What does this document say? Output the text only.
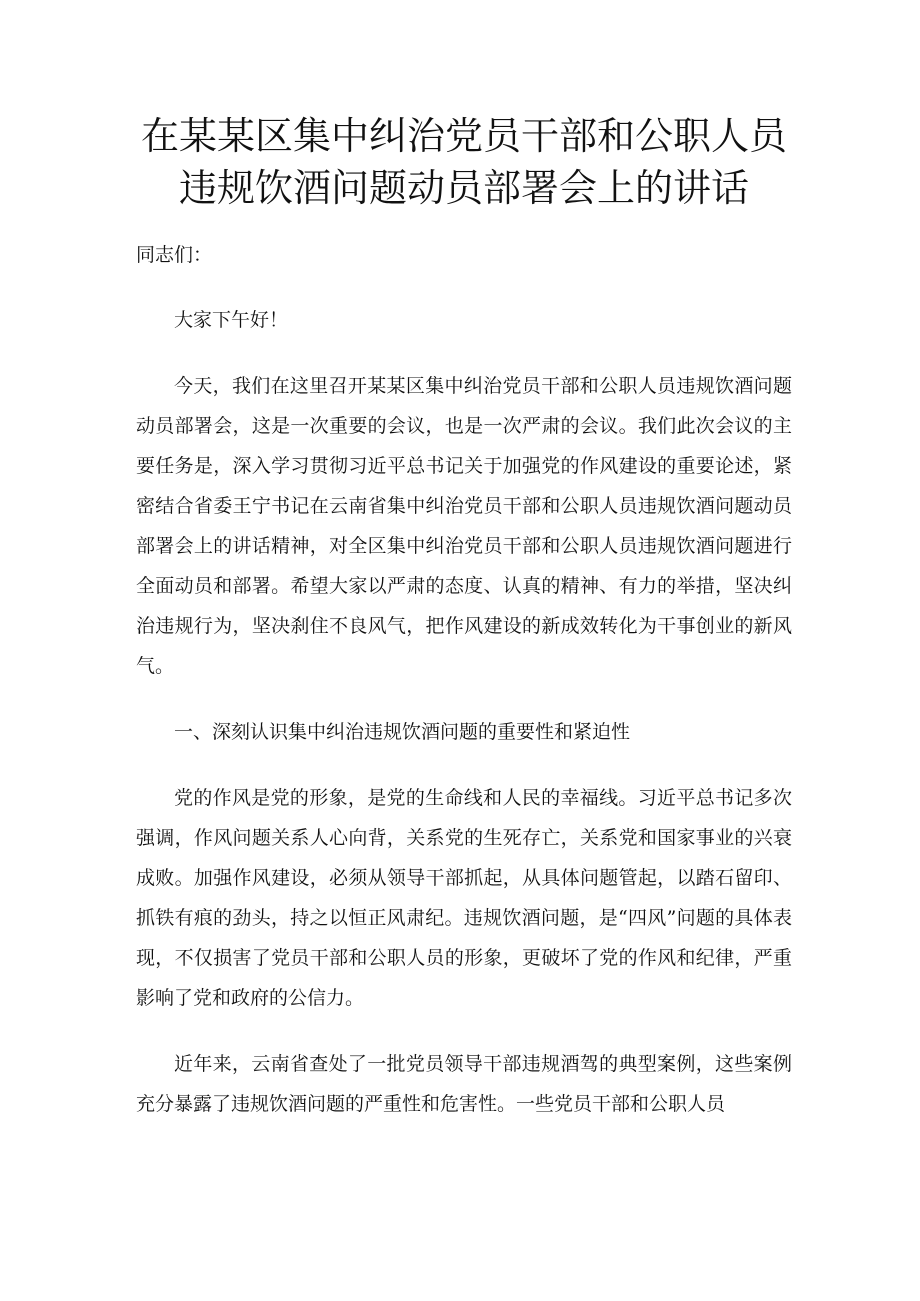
在某某区集中纠治党员干部和公职人员
违规饮酒问题动员部署会上的讲话

同志们：

大家下午好！

今天，我们在这里召开某某区集中纠治党员干部和公职人员违规饮酒问题动员部署会，这是一次重要的会议，也是一次严肃的会议。我们此次会议的主要任务是，深入学习贯彻习近平总书记关于加强党的作风建设的重要论述，紧密结合省委王宁书记在云南省集中纠治党员干部和公职人员违规饮酒问题动员部署会上的讲话精神，对全区集中纠治党员干部和公职人员违规饮酒问题进行全面动员和部署。希望大家以严肃的态度、认真的精神、有力的举措，坚决纠治违规行为，坚决刹住不良风气，把作风建设的新成效转化为干事创业的新风气。

一、深刻认识集中纠治违规饮酒问题的重要性和紧迫性

党的作风是党的形象，是党的生命线和人民的幸福线。习近平总书记多次强调，作风问题关系人心向背，关系党的生死存亡，关系党和国家事业的兴衰成败。加强作风建设，必须从领导干部抓起，从具体问题管起，以踏石留印、抓铁有痕的劲头，持之以恒正风肃纪。违规饮酒问题，是“四风”问题的具体表现，不仅损害了党员干部和公职人员的形象，更破坏了党的作风和纪律，严重影响了党和政府的公信力。

近年来，云南省查处了一批党员领导干部违规酒驾的典型案例，这些案例充分暴露了违规饮酒问题的严重性和危害性。一些党员干部和公职人员
